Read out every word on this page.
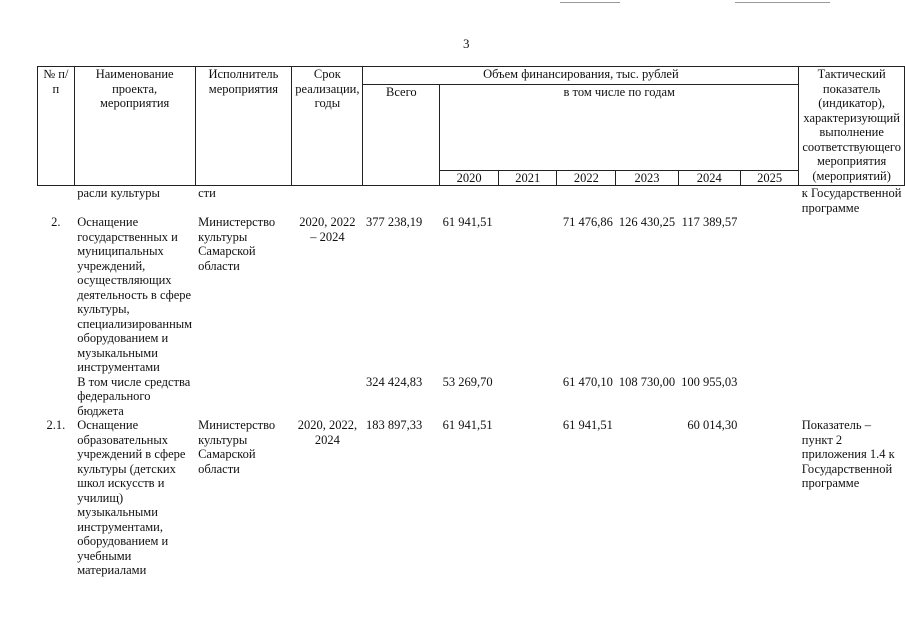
3
№ п/п	Наименование проекта, мероприятия	Исполнитель мероприятия	Срок реализации, годы	Объем финансирования, тыс. рублей							Тактический показатель (индикатор), характеризующий выполнение соответствующего мероприятия (мероприятий)
				Всего	в том числе по годам						
					2020	2021	2022	2023	2024	2025	
	расли культуры	сти									к Государственной программе
2.	Оснащение государственных и муниципальных учреждений, осуществляющих деятельность в сфере культуры, специализированным оборудованием и музыкальными инструментами	Министерство культуры Самарской области	2020, 2022 – 2024	377 238,19	61 941,51		71 476,86	126 430,25	117 389,57		
	В том числе средства федерального бюджета			324 424,83	53 269,70		61 470,10	108 730,00	100 955,03		
2.1.	Оснащение образовательных учреждений в сфере культуры (детских школ искусств и училищ) музыкальными инструментами, оборудованием и учебными материалами	Министерство культуры Самарской области	2020, 2022, 2024	183 897,33	61 941,51		61 941,51		60 014,30		Показатель – пункт 2 приложения 1.4 к Государственной программе
